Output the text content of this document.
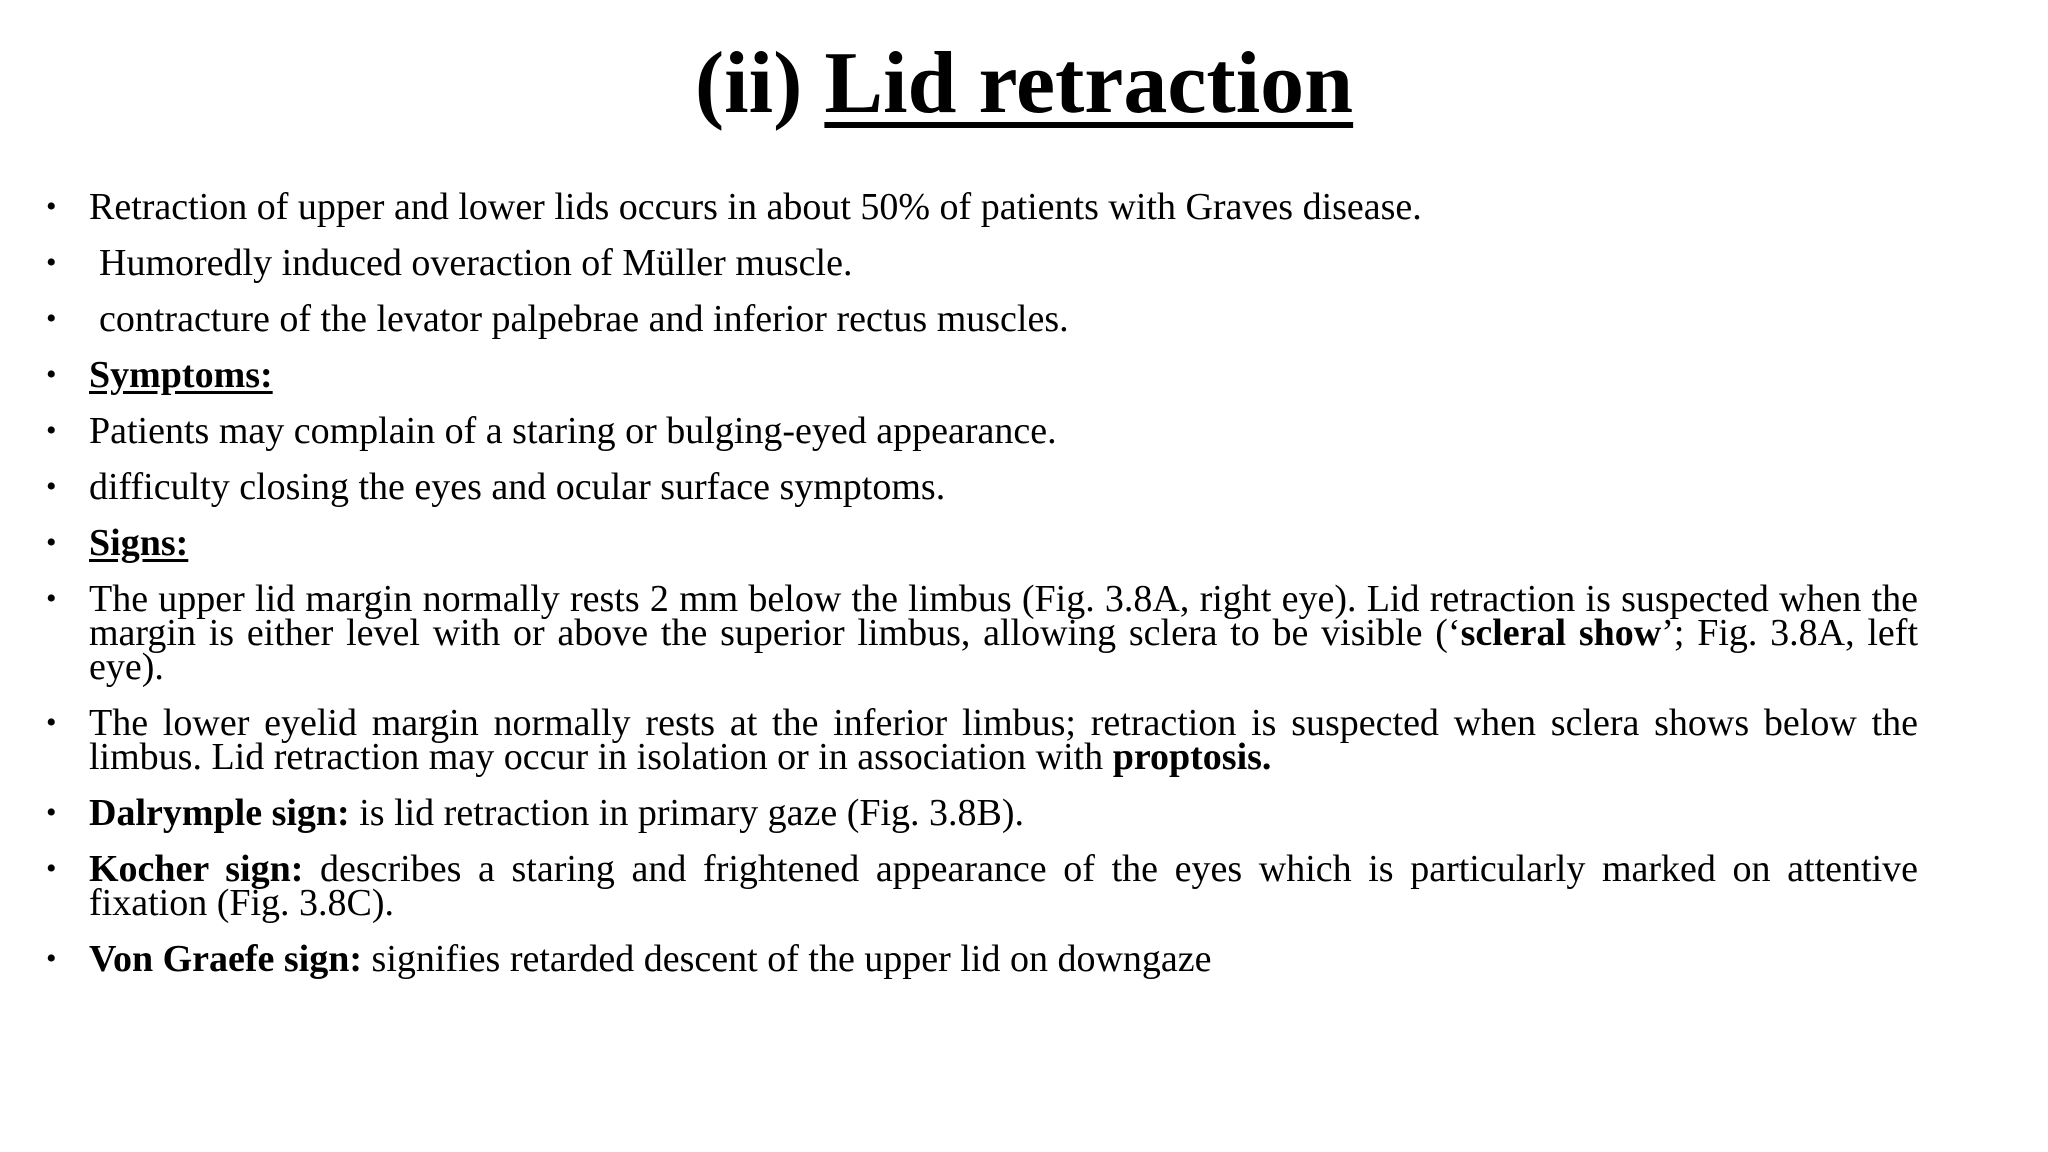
(ii) Lid retraction
• Retraction of upper and lower lids occurs in about 50% of patients with Graves disease.
• Humoredly induced overaction of Müller muscle.
• contracture of the levator palpebrae and inferior rectus muscles.
• Symptoms:
• Patients may complain of a staring or bulging-eyed appearance.
• difficulty closing the eyes and ocular surface symptoms.
• Signs:
• The upper lid margin normally rests 2 mm below the limbus (Fig. 3.8A, right eye). Lid retraction is suspected when the margin is either level with or above the superior limbus, allowing sclera to be visible (‘scleral show’; Fig. 3.8A, left eye).
• The lower eyelid margin normally rests at the inferior limbus; retraction is suspected when sclera shows below the limbus. Lid retraction may occur in isolation or in association with proptosis.
• Dalrymple sign: is lid retraction in primary gaze (Fig. 3.8B).
• Kocher sign: describes a staring and frightened appearance of the eyes which is particularly marked on attentive fixation (Fig. 3.8C).
• Von Graefe sign: signifies retarded descent of the upper lid on downgaze
